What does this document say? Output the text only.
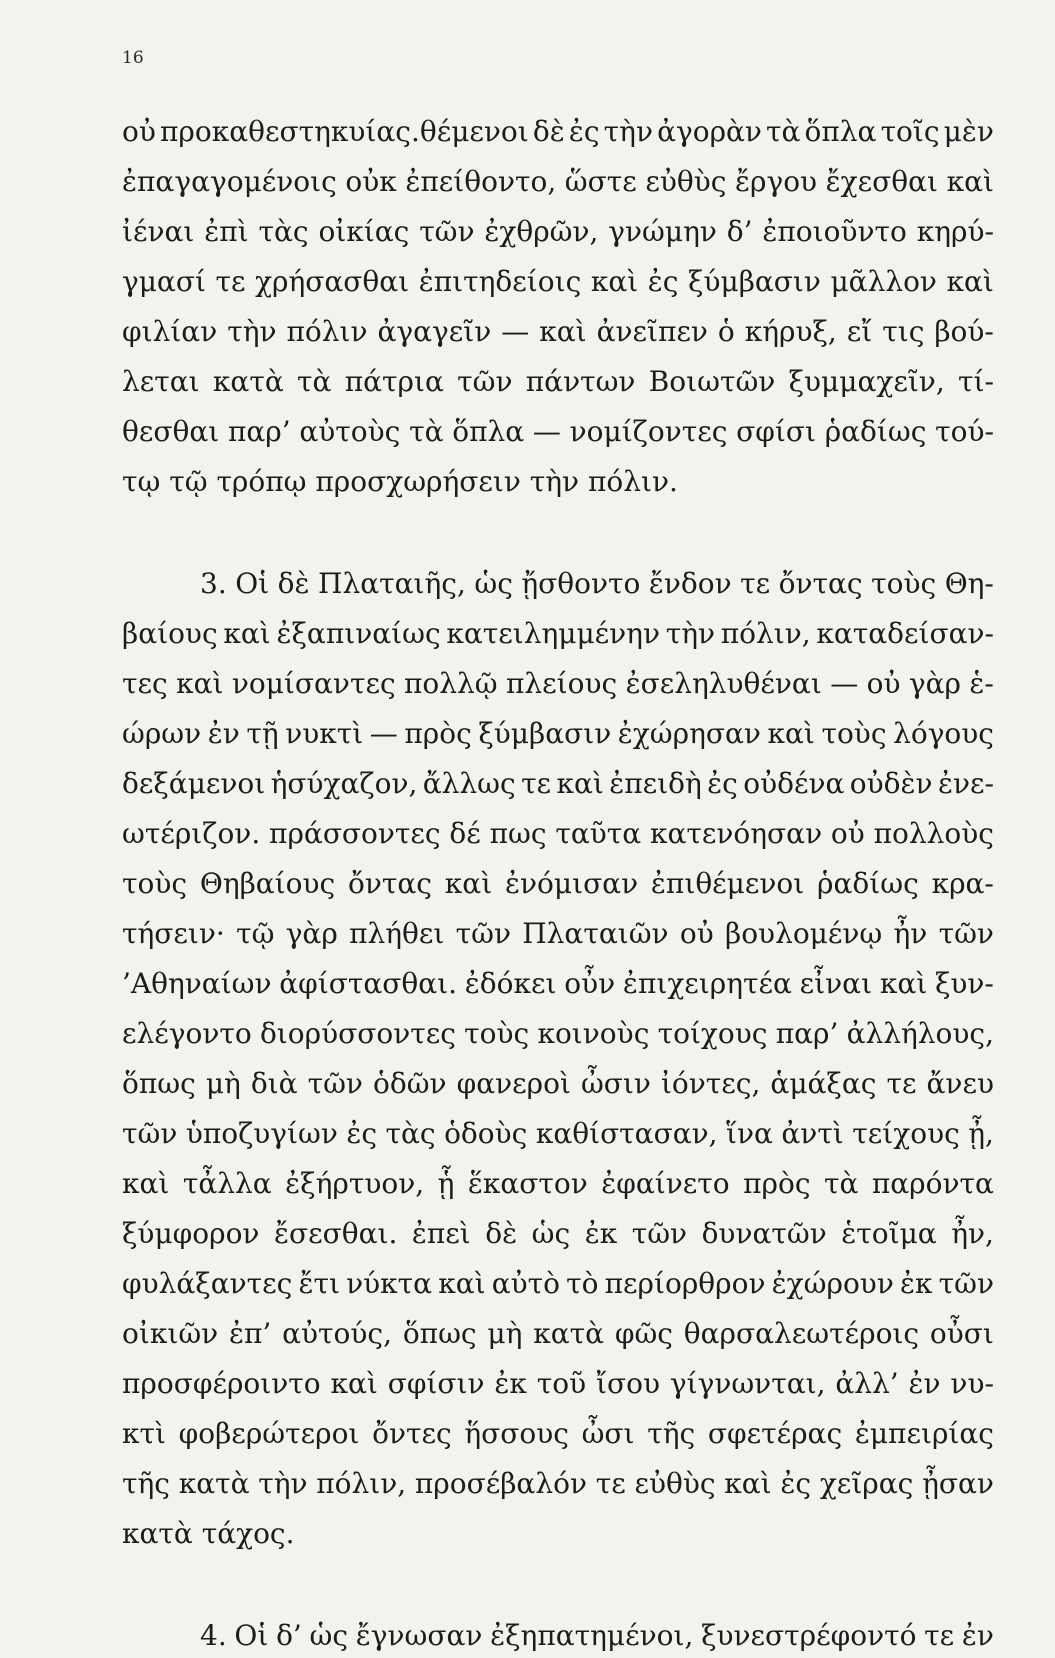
16
οὐ προκαθεστηκυίας.θέμενοι δὲ ἐς τὴν ἀγορὰν τὰ ὅπλα τοῖς μὲν
ἐπαγαγομένοις οὐκ ἐπείθοντο, ὥστε εὐθὺς ἔργου ἔχεσθαι καὶ
ἰέναι ἐπὶ τὰς οἰκίας τῶν ἐχθρῶν, γνώμην δ’ ἐποιοῦντο κηρύ-
γμασί τε χρήσασθαι ἐπιτηδείοις καὶ ἐς ξύμβασιν μᾶλλον καὶ
φιλίαν τὴν πόλιν ἀγαγεῖν — καὶ ἀνεῖπεν ὁ κήρυξ, εἴ τις βού-
λεται κατὰ τὰ πάτρια τῶν πάντων Βοιωτῶν ξυμμαχεῖν, τί-
θεσθαι παρ’ αὐτοὺς τὰ ὅπλα — νομίζοντες σφίσι ῥαδίως τού-
τῳ τῷ τρόπῳ προσχωρήσειν τὴν πόλιν.
3. Οἱ δὲ Πλαταιῆς, ὡς ᾔσθοντο ἔνδον τε ὄντας τοὺς Θη-
βαίους καὶ ἐξαπιναίως κατειλημμένην τὴν πόλιν, καταδείσαν-
τες καὶ νομίσαντες πολλῷ πλείους ἐσεληλυθέναι — οὐ γὰρ ἑ-
ώρων ἐν τῇ νυκτὶ — πρὸς ξύμβασιν ἐχώρησαν καὶ τοὺς λόγους
δεξάμενοι ἡσύχαζον, ἄλλως τε καὶ ἐπειδὴ ἐς οὐδένα οὐδὲν ἐνε-
ωτέριζον. πράσσοντες δέ πως ταῦτα κατενόησαν οὐ πολλοὺς
τοὺς Θηβαίους ὄντας καὶ ἐνόμισαν ἐπιθέμενοι ῥαδίως κρα-
τήσειν· τῷ γὰρ πλήθει τῶν Πλαταιῶν οὐ βουλομένῳ ἦν τῶν
’Αθηναίων ἀφίστασθαι. ἐδόκει οὖν ἐπιχειρητέα εἶναι καὶ ξυν-
ελέγοντο διορύσσοντες τοὺς κοινοὺς τοίχους παρ’ ἀλλήλους,
ὅπως μὴ διὰ τῶν ὁδῶν φανεροὶ ὦσιν ἰόντες, ἁμάξας τε ἄνευ
τῶν ὑποζυγίων ἐς τὰς ὁδοὺς καθίστασαν, ἵνα ἀντὶ τείχους ᾖ,
καὶ τἆλλα ἐξήρτυον, ᾗ ἕκαστον ἐφαίνετο πρὸς τὰ παρόντα
ξύμφορον ἔσεσθαι. ἐπεὶ δὲ ὡς ἐκ τῶν δυνατῶν ἑτοῖμα ἦν,
φυλάξαντες ἔτι νύκτα καὶ αὐτὸ τὸ περίορθρον ἐχώρουν ἐκ τῶν
οἰκιῶν ἐπ’ αὐτούς, ὅπως μὴ κατὰ φῶς θαρσαλεωτέροις οὖσι
προσφέροιντο καὶ σφίσιν ἐκ τοῦ ἴσου γίγνωνται, ἀλλ’ ἐν νυ-
κτὶ φοβερώτεροι ὄντες ἥσσους ὦσι τῆς σφετέρας ἐμπειρίας
τῆς κατὰ τὴν πόλιν, προσέβαλόν τε εὐθὺς καὶ ἐς χεῖρας ᾖσαν
κατὰ τάχος.
4. Οἱ δ’ ὡς ἔγνωσαν ἐξηπατημένοι, ξυνεστρέφοντό τε ἐν
